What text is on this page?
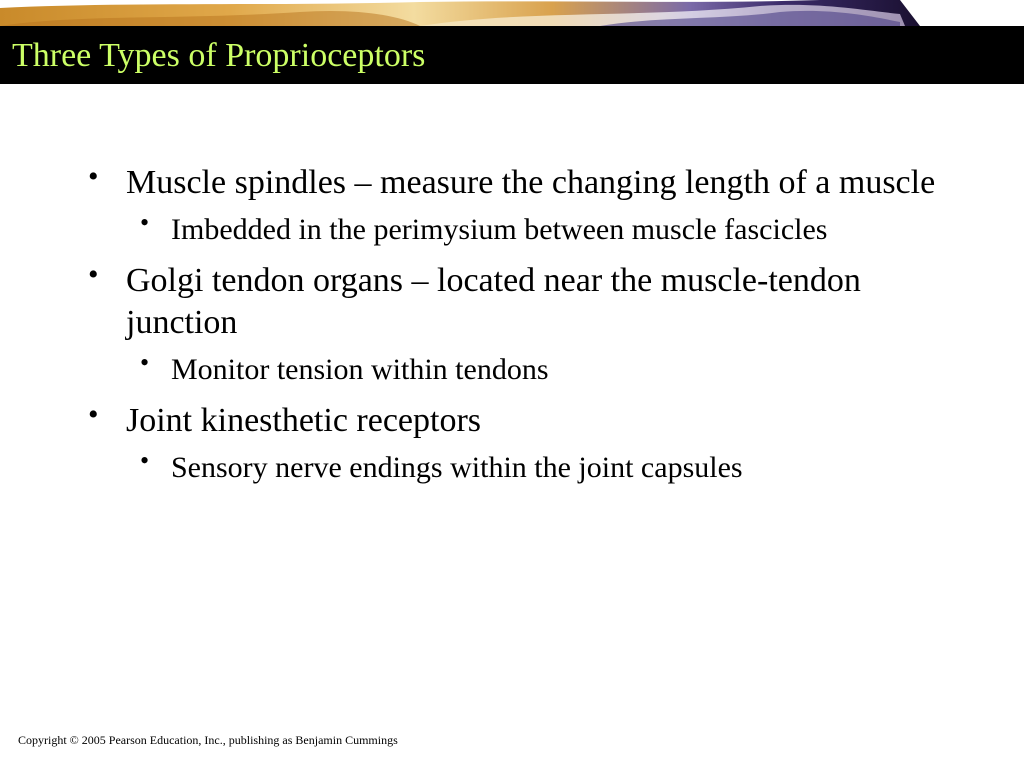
Three Types of Proprioceptors
• Muscle spindles – measure the changing length of a muscle
• Imbedded in the perimysium between muscle fascicles
• Golgi tendon organs – located near the muscle-tendon junction
• Monitor tension within tendons
• Joint kinesthetic receptors
• Sensory nerve endings within the joint capsules
Copyright © 2005 Pearson Education, Inc., publishing as Benjamin Cummings
